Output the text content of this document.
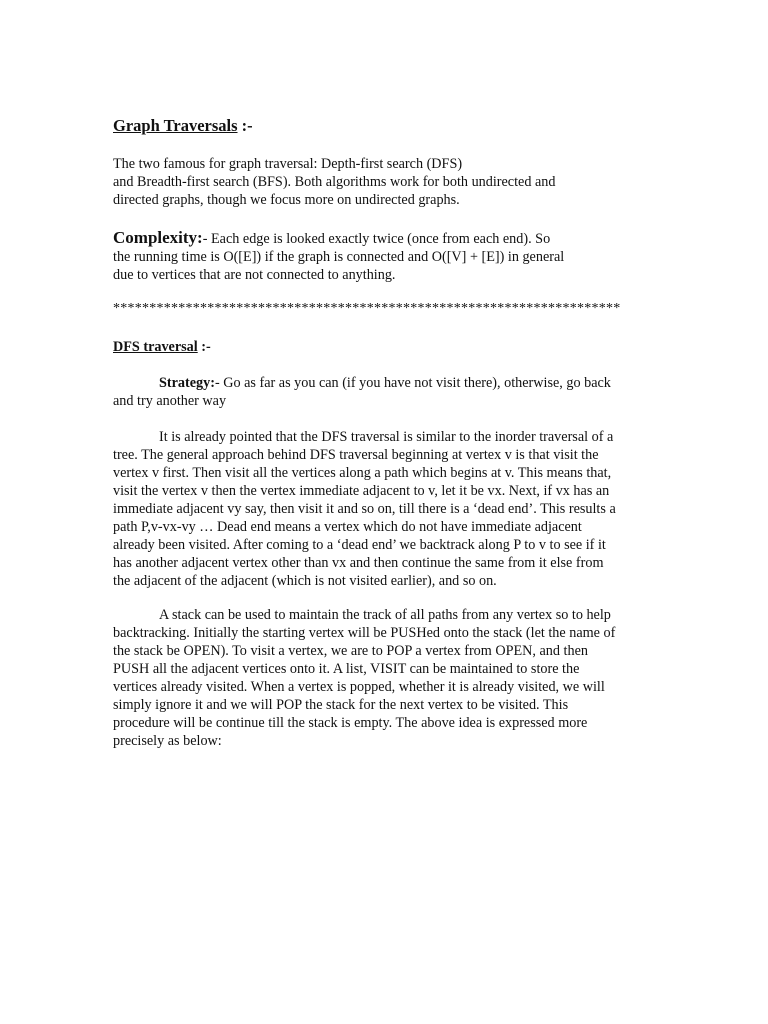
Graph Traversals :-
The two famous for graph traversal: Depth-first search (DFS)
and Breadth-first search (BFS). Both algorithms work for both undirected and
directed graphs, though we focus more on undirected graphs.
Complexity:- Each edge is looked exactly twice (once from each end). So
the running time is O([E]) if the graph is connected and O([V] + [E]) in general
due to vertices that are not connected to anything.
**********************************************************************
DFS traversal :-
Strategy:- Go as far as you can (if you have not visit there), otherwise, go back
and try another way
It is already pointed that the DFS traversal is similar to the inorder traversal of a
tree. The general approach behind DFS traversal beginning at vertex v is that visit the
vertex v first. Then visit all the vertices along a path which begins at v. This means that,
visit the vertex v then the vertex immediate adjacent to v, let it be vx. Next, if vx has an
immediate adjacent vy say, then visit it and so on, till there is a ‘dead end’. This results a
path P,v-vx-vy … Dead end means a vertex which do not have immediate adjacent
already been visited. After coming to a ‘dead end’ we backtrack along P to v to see if it
has another adjacent vertex other than vx and then continue the same from it else from
the adjacent of the adjacent (which is not visited earlier), and so on.
A stack can be used to maintain the track of all paths from any vertex so to help
backtracking. Initially the starting vertex will be PUSHed onto the stack (let the name of
the stack be OPEN). To visit a vertex, we are to POP a vertex from OPEN, and then
PUSH all the adjacent vertices onto it. A list, VISIT can be maintained to store the
vertices already visited. When a vertex is popped, whether it is already visited, we will
simply ignore it and we will POP the stack for the next vertex to be visited. This
procedure will be continue till the stack is empty. The above idea is expressed more
precisely as below:
